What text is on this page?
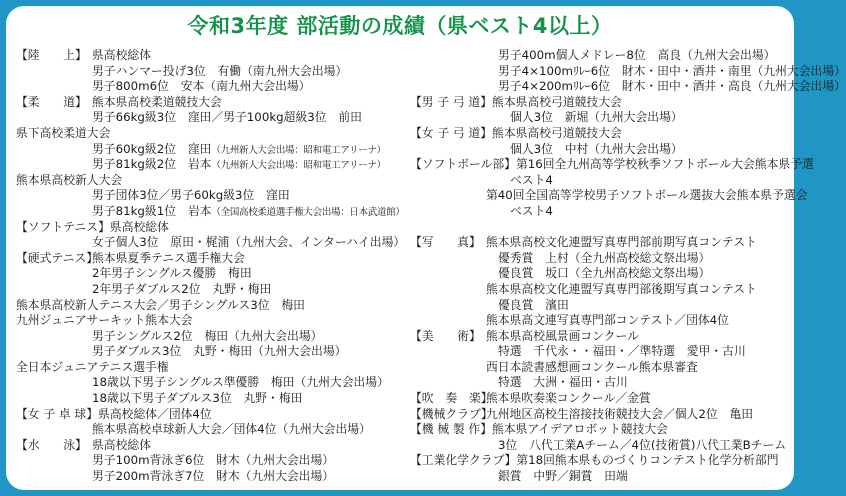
令和3年度 部活動の成績（県ベスト4以上）
【陸　　上】 県高校総体
男子ハンマー投げ3位　有働（南九州大会出場）
男子800m6位　安本（南九州大会出場）
【柔　　道】 熊本県高校柔道競技大会
男子66kg級3位　窪田／男子100kg超級3位　前田
県下高校柔道大会
男子60kg級2位　窪田（九州新人大会出場：昭和電工アリーナ）
男子81kg級2位　岩本（九州新人大会出場：昭和電工アリーナ）
熊本県高校新人大会
男子団体3位／男子60kg級3位　窪田
男子81kg級1位　岩本（全国高校柔道選手権大会出場：日本武道館）
【ソフトテニス】県高校総体
女子個人3位　原田・梶浦（九州大会、インターハイ出場）
【硬式テニス】熊本県夏季テニス選手権大会
2年男子シングルス優勝　梅田
2年男子ダブルス2位　丸野・梅田
熊本県高校新人テニス大会／男子シングルス3位　梅田
九州ジュニアサーキット熊本大会
男子シングルス2位　梅田（九州大会出場）
男子ダブルス3位　丸野・梅田（九州大会出場）
全日本ジュニアテニス選手権
18歳以下男子シングルス準優勝　梅田（九州大会出場）
18歳以下男子ダブルス3位　丸野・梅田
【女 子 卓 球】県高校総体／団体4位
熊本県高校卓球新人大会／団体4位（九州大会出場）
【水　　泳】 県高校総体
男子100m背泳ぎ6位　財木（九州大会出場）
男子200m背泳ぎ7位　財木（九州大会出場）
男子400m個人メドレー8位　高良（九州大会出場）
男子4×100mﾘﾚｰ6位　財木・田中・酒井・南里（九州大会出場）
男子4×200mﾘﾚｰ6位　財木・田中・酒井・高良（九州大会出場）
【男 子 弓 道】熊本県高校弓道競技大会
個人3位　新堀（九州大会出場）
【女 子 弓 道】熊本県高校弓道競技大会
個人3位　中村（九州大会出場）
【ソフトボール部】第16回全九州高等学校秋季ソフトボール大会熊本県予選
ベスト4
第40回全国高等学校男子ソフトボール選抜大会熊本県予選会
ベスト4
【写　　真】 熊本県高校文化連盟写真専門部前期写真コンテスト
優秀賞　上村（全九州高校総文祭出場）
優良賞　坂口（全九州高校総文祭出場）
熊本県高校文化連盟写真専門部後期写真コンテスト
優良賞　濱田
熊本県高文連写真専門部コンテスト／団体4位
【美　　術】 熊本県高校風景画コンクール
特選　千代永・・福田・／準特選　愛甲・古川
西日本読書感想画コンクール熊本県審査
特選　大洲・福田・古川
【吹　奏　楽】熊本県吹奏楽コンクール／金賞
【機械クラブ】九州地区高校生溶接技術競技大会／個人2位　亀田
【機 械 製 作】熊本県アイデアロボット競技大会
3位　八代工業Aチーム／4位(技術賞)八代工業Bチーム
【工業化学クラブ】第18回熊本県ものづくりコンテスト化学分析部門
銀賞　中野／銅賞　田端
